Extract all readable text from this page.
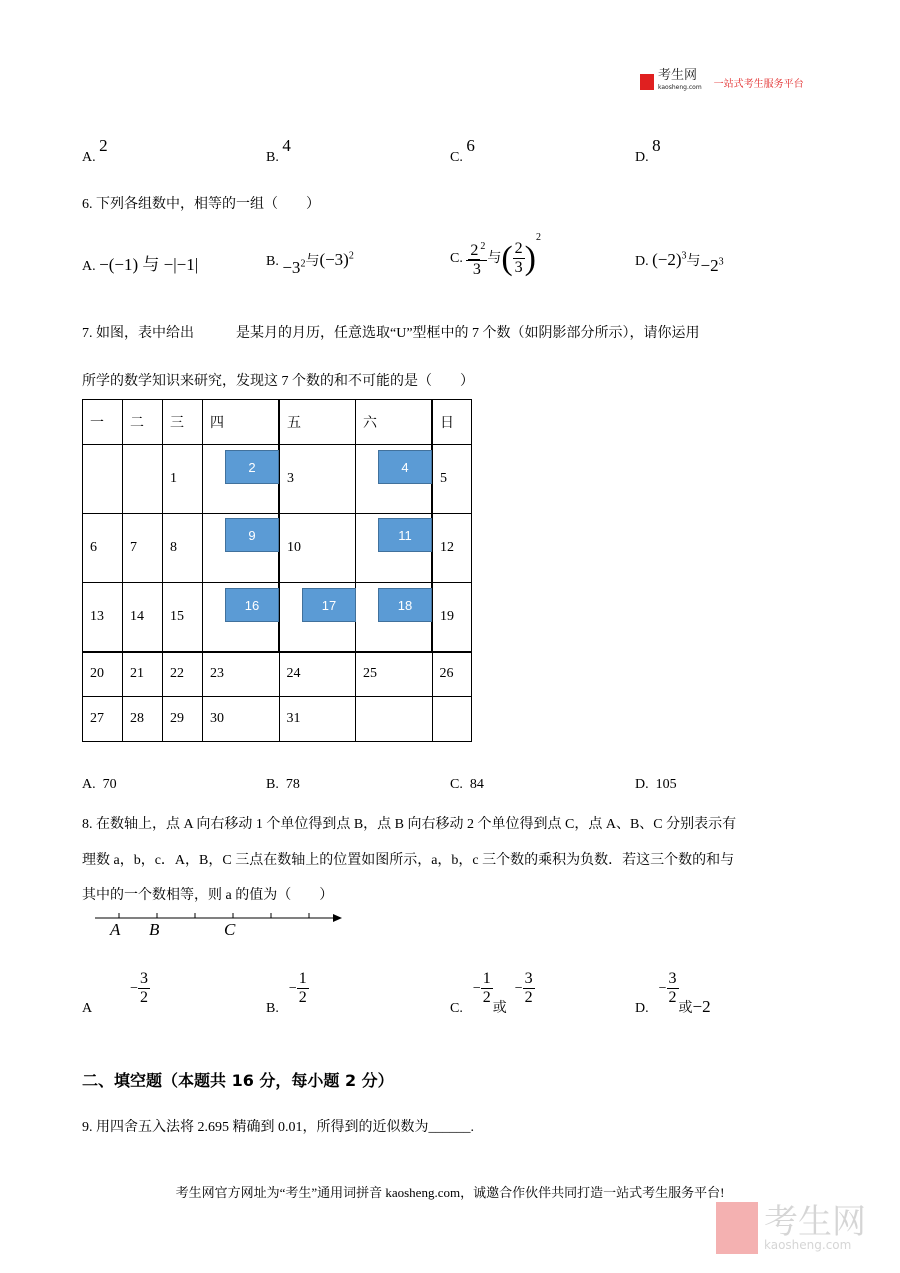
考生网
kaosheng.com 一站式考生服务平台
A. 2
B. 4
C. 6
D. 8
6. 下列各组数中，相等的一组（　　）
A. −(−1) 与 −|−1|	B. $-3^2$与$(-3)^2$	C. $\frac{2 ^2}{3}$ 与( $\frac{2}{3} )^2$
D. $(-2)^3$与$-2^3$
7. 如图，表中给出　　　是某月的月历，任意选取“U”型框中的 7 个数（如阴影部分所示），请你运用
所学的数学知识来研究，发现这 7 个数的和不可能的是（　　）
一	二	三	四	五	六	日
		1	2	3	4	5
6	7	8	9	10	11	12
13	14	15	16	17	18	19
20	21	22	23	24	25	26
27	28	29	30	31		
A. 70	B. 78	C. 84	D. 105
8. 在数轴上，点 A 向右移动 1 个单位得到点 B，点 B 向右移动 2 个单位得到点 C，点 A、B、C 分别表示有
理数 a，b，c．A，B，C 三点在数轴上的位置如图所示，a，b，c 三个数的乘积为负数．若这三个数的和与
其中的一个数相等，则 a 的值为（　　）
A B	C
$A- \frac{3}{2}$
$B.- \frac{1}{2}$
$C.- \frac{1}{2}$
或− $\frac{3}{2}$
$D.- \frac{3}{2}$
或−2
二、填空题（本题共 16 分，每小题 2 分）
9. 用四舍五入法将 2.695 精确到 0.01，所得到的近似数为______.
考生网官方网址为“考生”通用词拼音 kaosheng.com，诚邀合作伙伴共同打造一站式考生服务平台!
考生网
kaosheng.com
